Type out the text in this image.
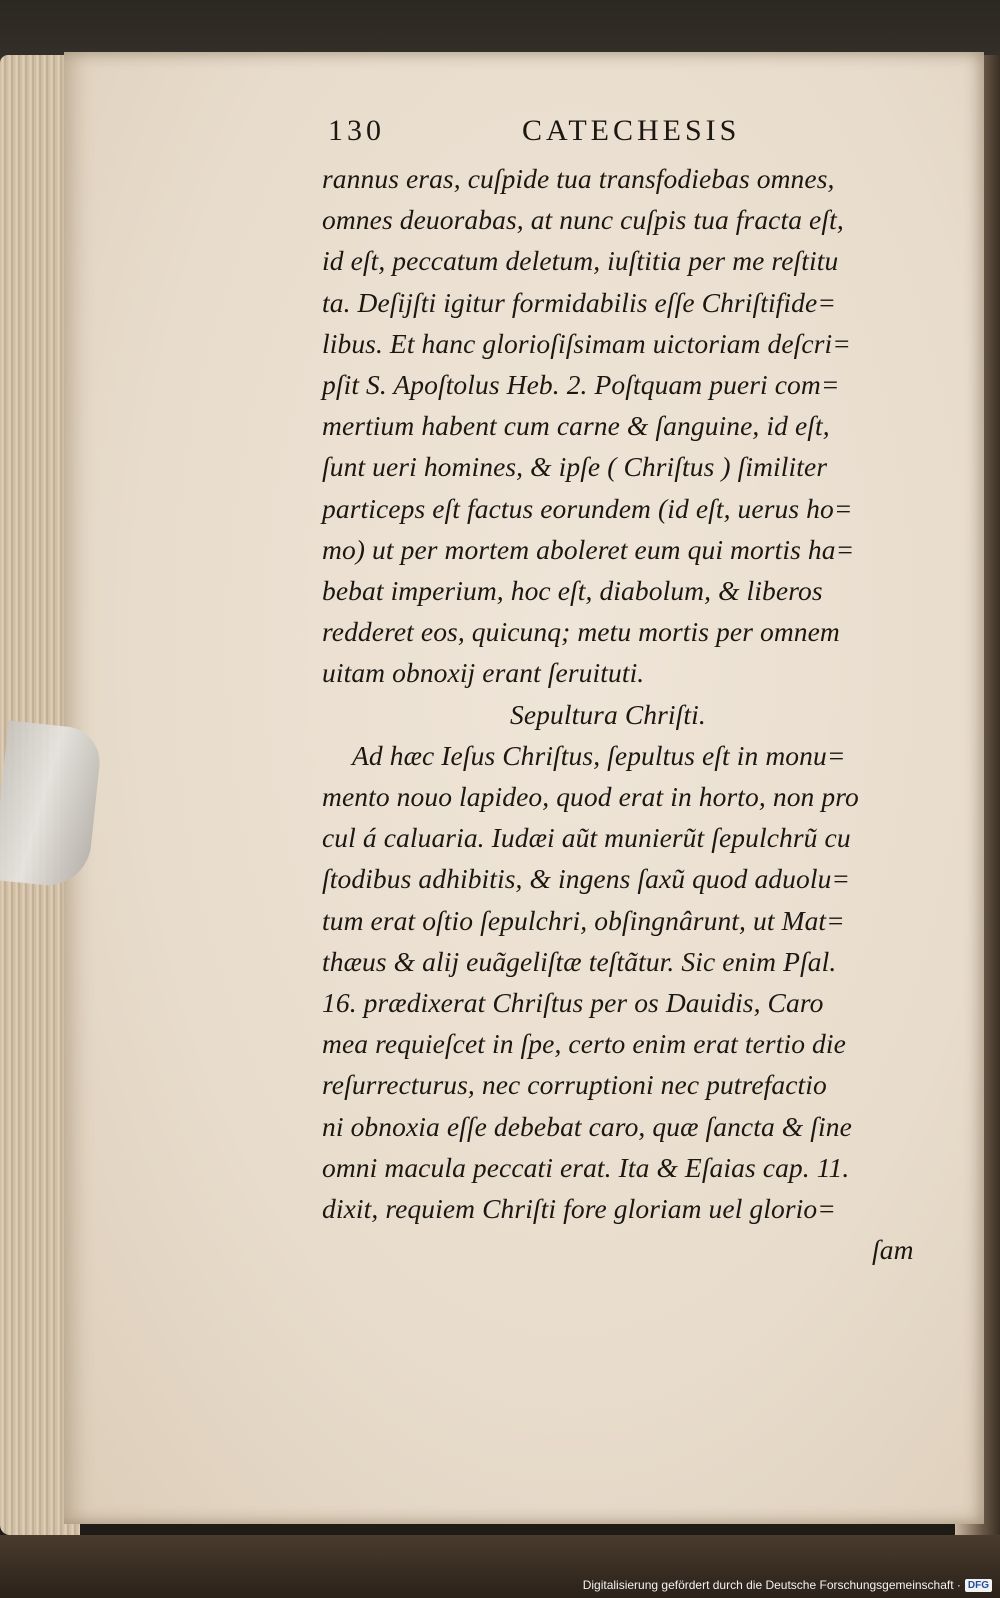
130	CATECHESIS
rannus eras, cuſpide tua transfodiebas omnes,
omnes deuorabas, at nunc cuſpis tua fracta eſt,
id eſt, peccatum deletum, iuſtitia per me reſtitu
ta. Deſijſti igitur formidabilis eſſe Chriſtifide=
libus. Et hanc glorioſiſsimam uictoriam deſcri=
pſit S. Apoſtolus Heb. 2. Poſtquam pueri com=
mertium habent cum carne & ſanguine, id eſt,
ſunt ueri homines, & ipſe ( Chriſtus ) ſimiliter
particeps eſt factus eorundem (id eſt, uerus ho=
mo) ut per mortem aboleret eum qui mortis ha=
bebat imperium, hoc eſt, diabolum, & liberos
redderet eos, quicunq; metu mortis per omnem
uitam obnoxij erant ſeruituti.
Sepultura Chriſti.
Ad hæc Ieſus Chriſtus, ſepultus eſt in monu=
mento nouo lapideo, quod erat in horto, non pro
cul á caluaria. Iudæi aũt munierũt ſepulchrũ cu
ſtodibus adhibitis, & ingens ſaxũ quod aduolu=
tum erat oſtio ſepulchri, obſingnârunt, ut Mat=
thæus & alij euãgeliſtæ teſtãtur. Sic enim Pſal.
16. prædixerat Chriſtus per os Dauidis, Caro
mea requieſcet in ſpe, certo enim erat tertio die
reſurrecturus, nec corruptioni nec putrefactio
ni obnoxia eſſe debebat caro, quæ ſancta & ſine
omni macula peccati erat. Ita & Eſaias cap. 11.
dixit, requiem Chriſti fore gloriam uel glorio=
ſam
Digitalisierung gefördert durch die Deutsche Forschungsgemeinschaft · DFG
